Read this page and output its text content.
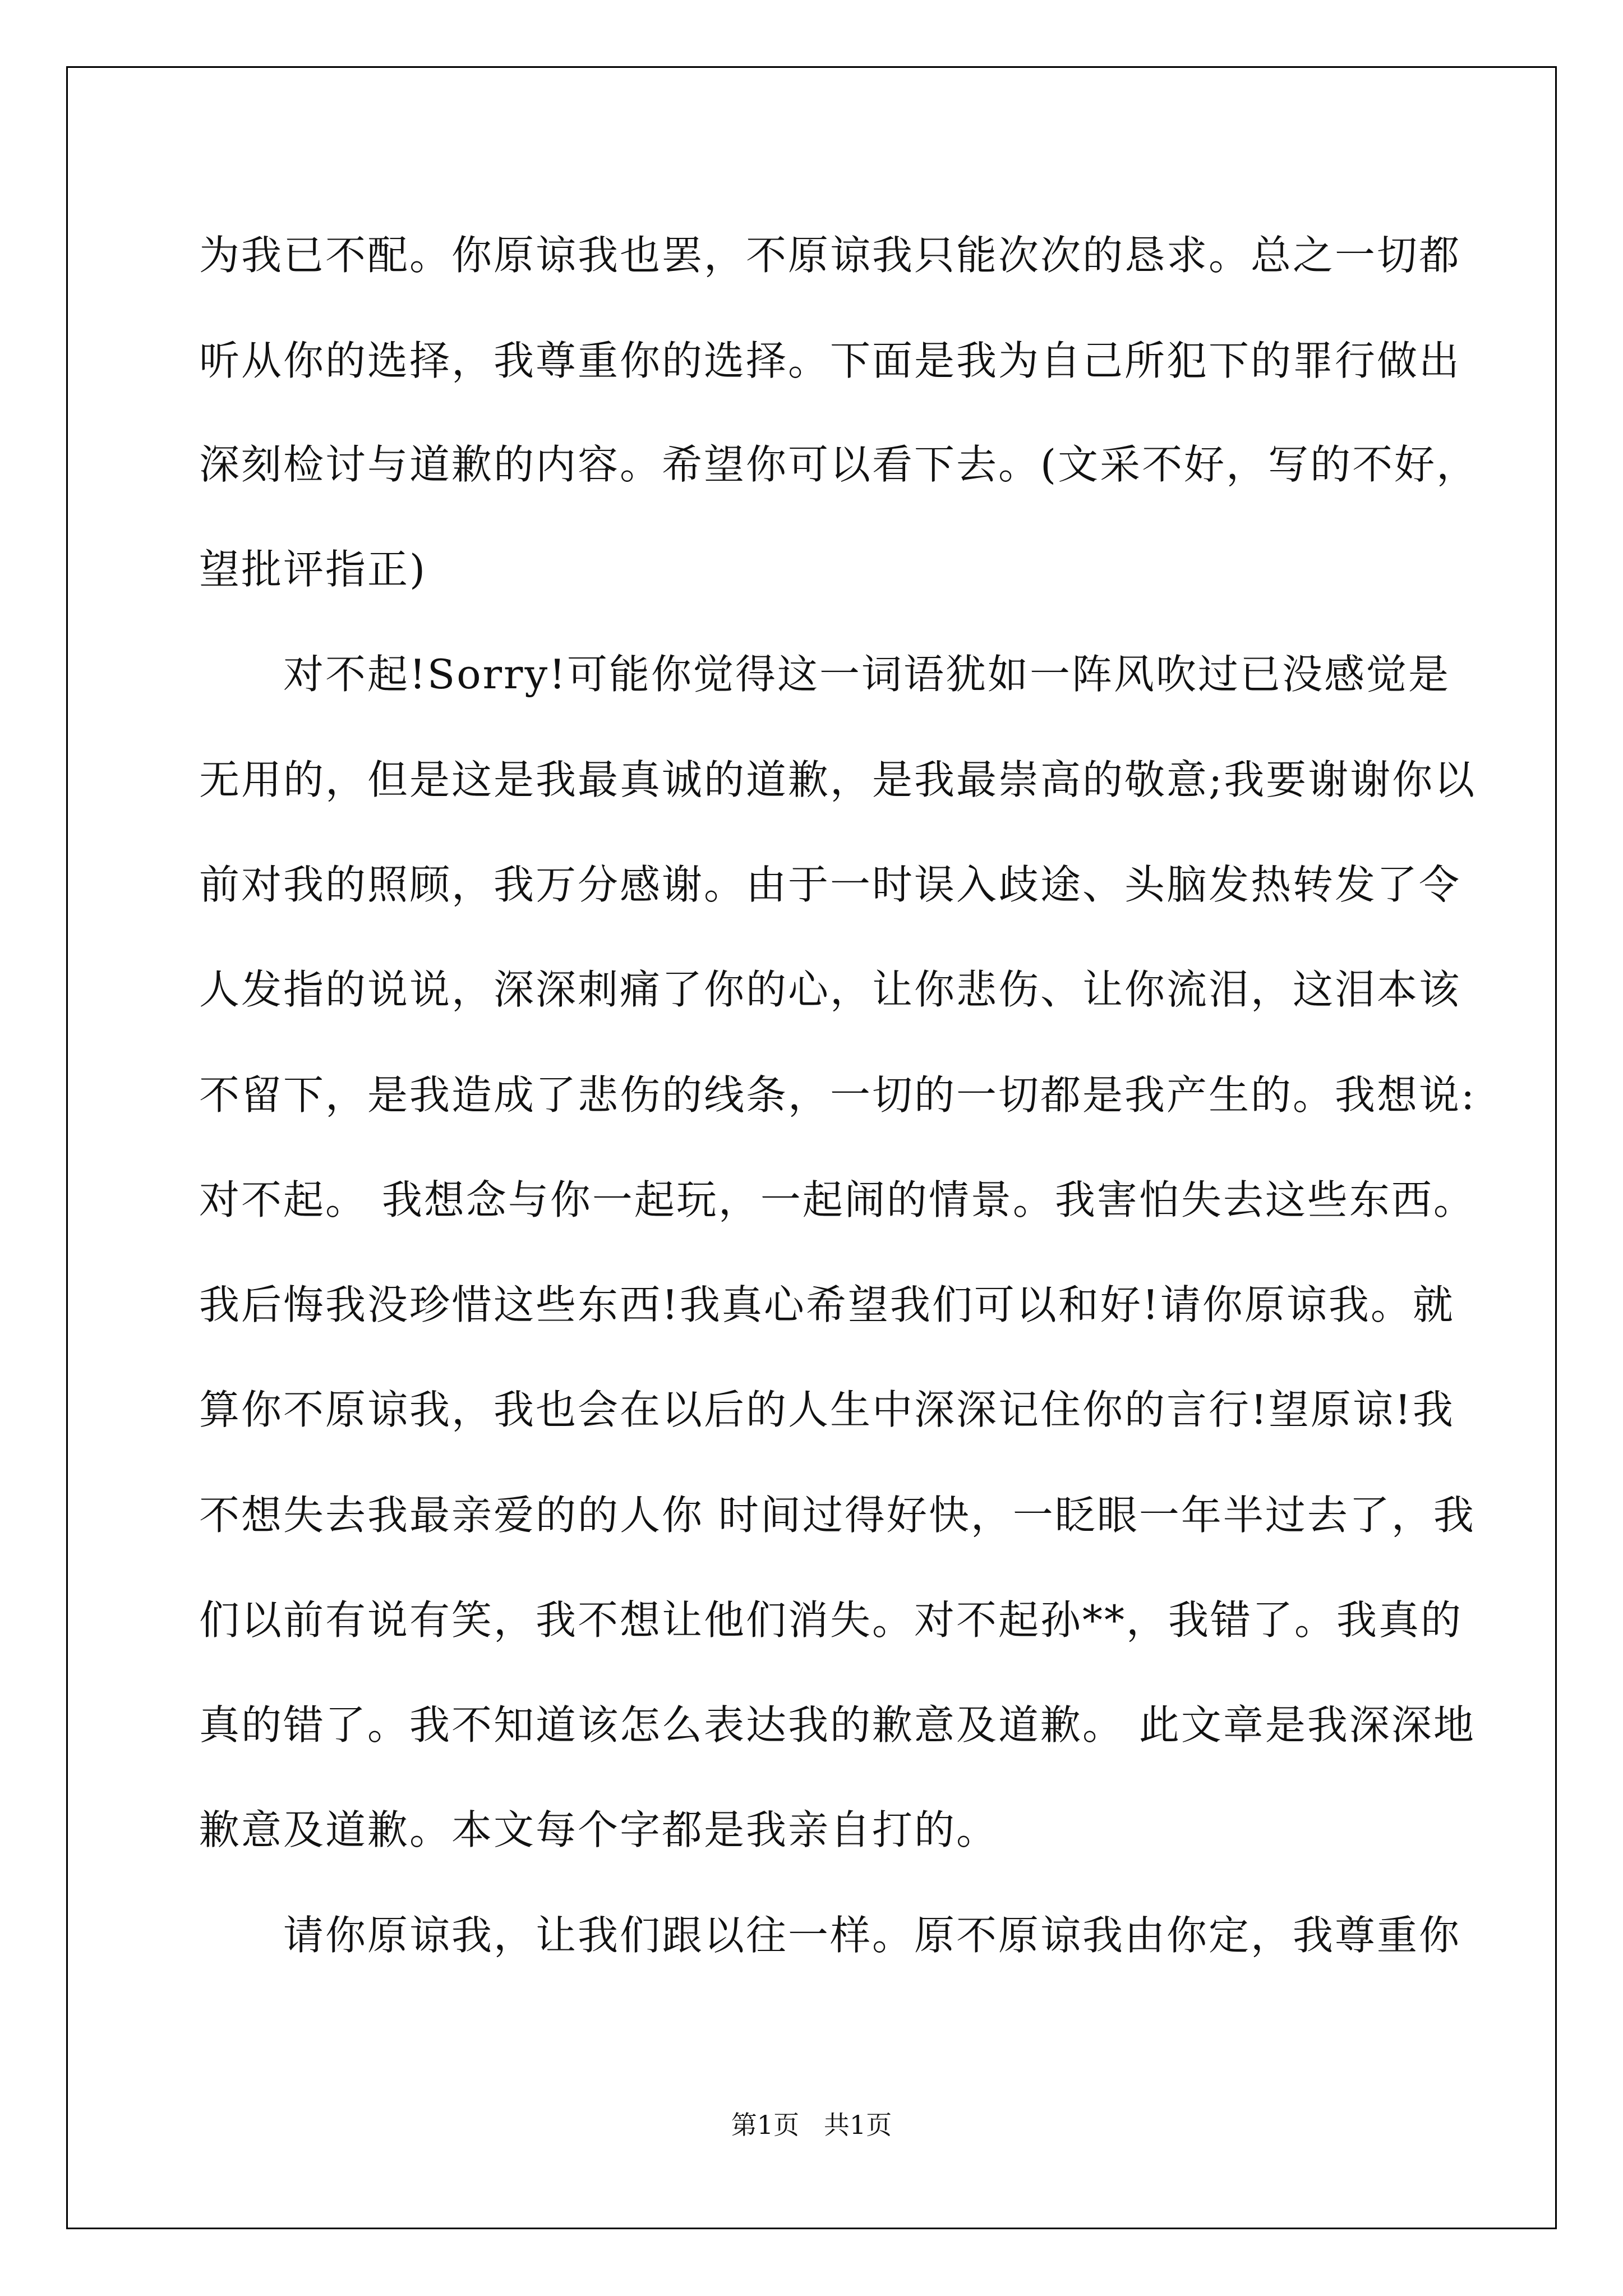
为我已不配。你原谅我也罢，不原谅我只能次次的恳求。总之一切都
听从你的选择，我尊重你的选择。下面是我为自己所犯下的罪行做出
深刻检讨与道歉的内容。希望你可以看下去。(文采不好，写的不好，
望批评指正)
对不起!Sorry!可能你觉得这一词语犹如一阵风吹过已没感觉是
无用的，但是这是我最真诚的道歉，是我最崇高的敬意;我要谢谢你以
前对我的照顾，我万分感谢。由于一时误入歧途、头脑发热转发了令
人发指的说说，深深刺痛了你的心，让你悲伤、让你流泪，这泪本该
不留下，是我造成了悲伤的线条，一切的一切都是我产生的。我想说:
对不起。 我想念与你一起玩，一起闹的情景。我害怕失去这些东西。
我后悔我没珍惜这些东西!我真心希望我们可以和好!请你原谅我。就
算你不原谅我，我也会在以后的人生中深深记住你的言行!望原谅!我
不想失去我最亲爱的的人你 时间过得好快，一眨眼一年半过去了，我
们以前有说有笑，我不想让他们消失。对不起孙**，我错了。我真的
真的错了。我不知道该怎么表达我的歉意及道歉。 此文章是我深深地
歉意及道歉。本文每个字都是我亲自打的。
请你原谅我，让我们跟以往一样。原不原谅我由你定，我尊重你
第1页   共1页
